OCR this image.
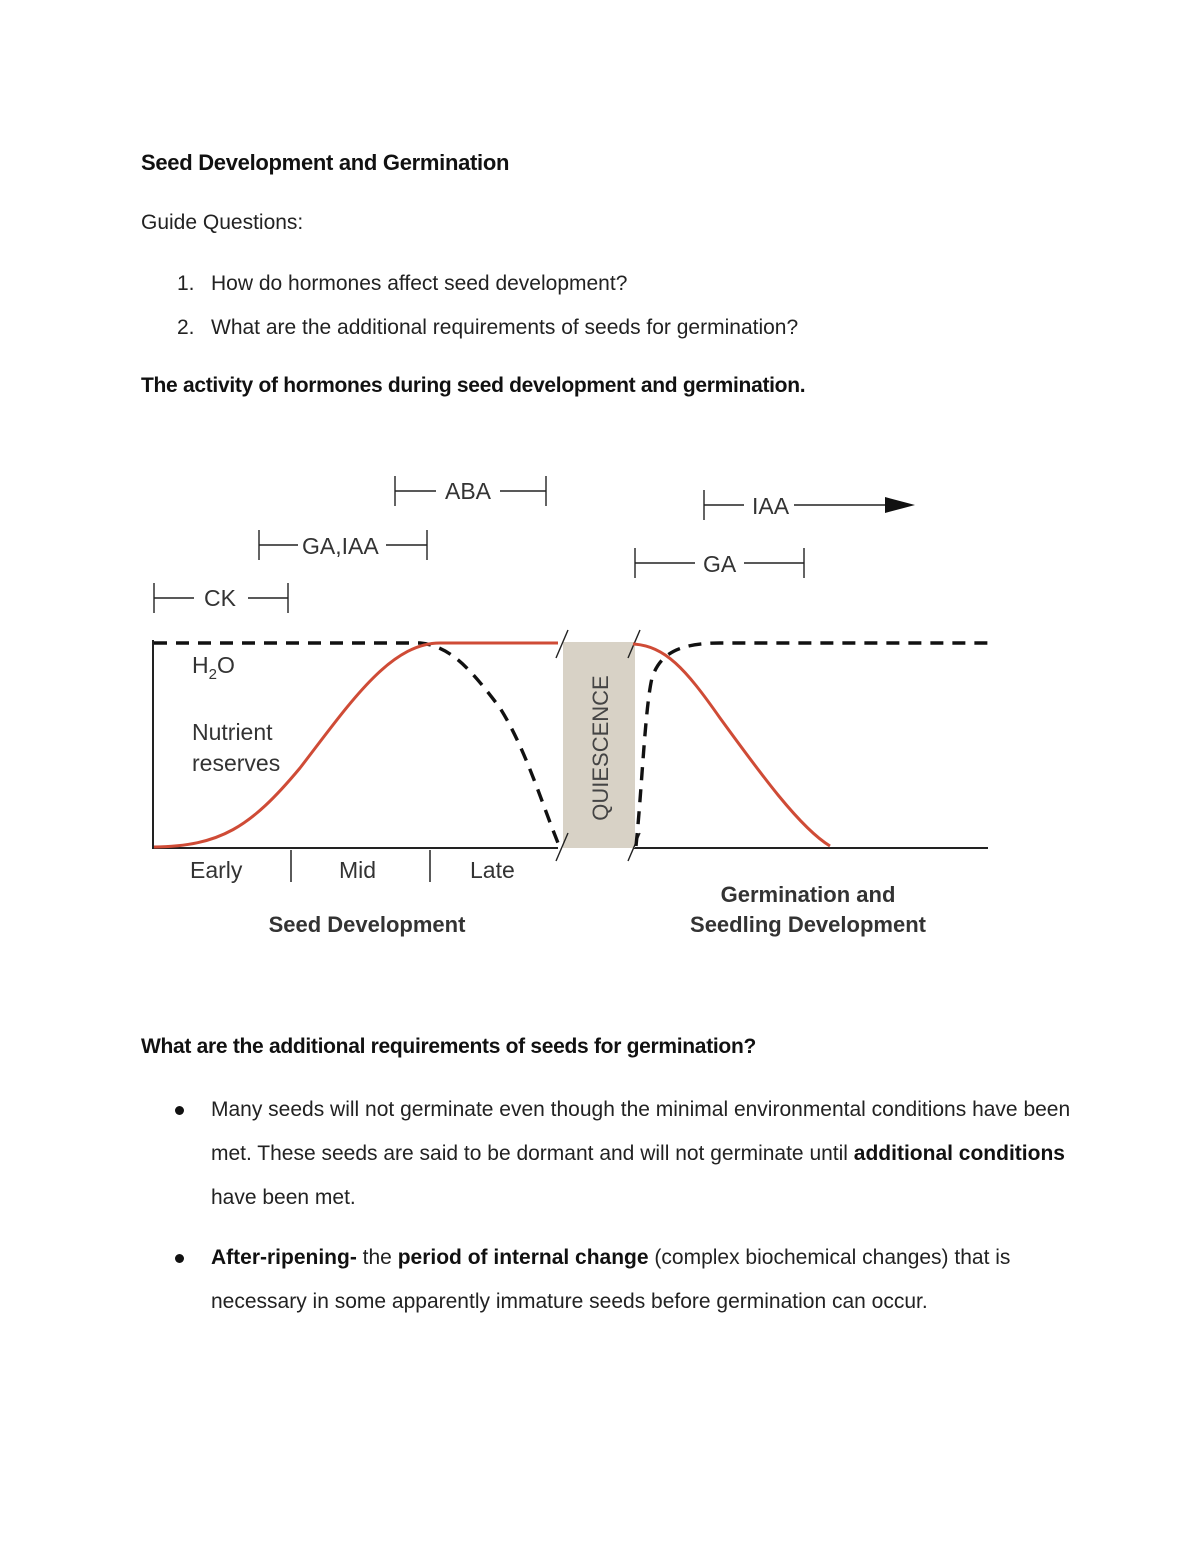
Seed Development and Germination
Guide Questions:
1. How do hormones affect seed development?
2. What are the additional requirements of seeds for germination?
The activity of hormones during seed development and germination.
CK
GA,IAA
ABA
IAA
GA
$H_2O$
Nutrient
reserves	QUIESCENCE
Early	Mid	Late
Seed Development
Germination and
Seedling Development
What are the additional requirements of seeds for germination?
Many seeds will not germinate even though the minimal environmental conditions have been met. These seeds are said to be dormant and will not germinate until additional conditions have been met.
After-ripening- the period of internal change (complex biochemical changes) that is necessary in some apparently immature seeds before germination can occur.
